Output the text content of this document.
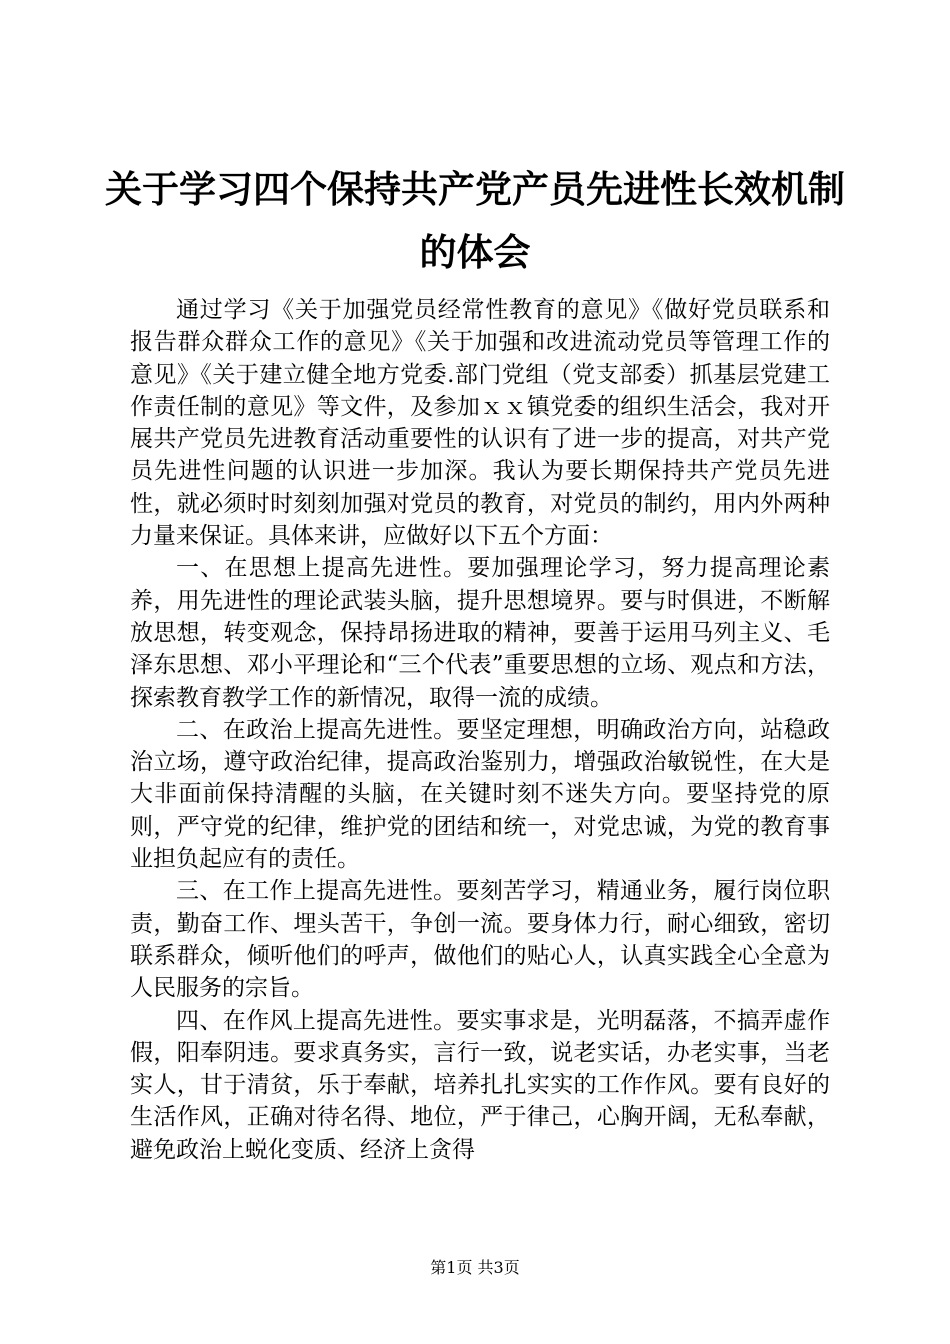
关于学习四个保持共产党产员先进性长效机制的体会

通过学习《关于加强党员经常性教育的意见》《做好党员联系和报告群众群众工作的意见》《关于加强和改进流动党员等管理工作的意见》《关于建立健全地方党委.部门党组（党支部委）抓基层党建工作责任制的意见》等文件，及参加ｘｘ镇党委的组织生活会，我对开展共产党员先进教育活动重要性的认识有了进一步的提高，对共产党员先进性问题的认识进一步加深。我认为要长期保持共产党员先进性，就必须时时刻刻加强对党员的教育，对党员的制约，用内外两种力量来保证。具体来讲，应做好以下五个方面：

一、在思想上提高先进性。要加强理论学习，努力提高理论素养，用先进性的理论武装头脑，提升思想境界。要与时俱进，不断解放思想，转变观念，保持昂扬进取的精神，要善于运用马列主义、毛泽东思想、邓小平理论和“三个代表”重要思想的立场、观点和方法，探索教育教学工作的新情况，取得一流的成绩。

二、在政治上提高先进性。要坚定理想，明确政治方向，站稳政治立场，遵守政治纪律，提高政治鉴别力，增强政治敏锐性，在大是大非面前保持清醒的头脑，在关键时刻不迷失方向。要坚持党的原则，严守党的纪律，维护党的团结和统一，对党忠诚，为党的教育事业担负起应有的责任。

三、在工作上提高先进性。要刻苦学习，精通业务，履行岗位职责，勤奋工作、埋头苦干，争创一流。要身体力行，耐心细致，密切联系群众，倾听他们的呼声，做他们的贴心人，认真实践全心全意为人民服务的宗旨。

四、在作风上提高先进性。要实事求是，光明磊落，不搞弄虚作假，阳奉阴违。要求真务实，言行一致，说老实话，办老实事，当老实人，甘于清贫，乐于奉献，培养扎扎实实的工作作风。要有良好的生活作风，正确对待名得、地位，严于律己，心胸开阔，无私奉献，避免政治上蜕化变质、经济上贪得

第1页 共3页
